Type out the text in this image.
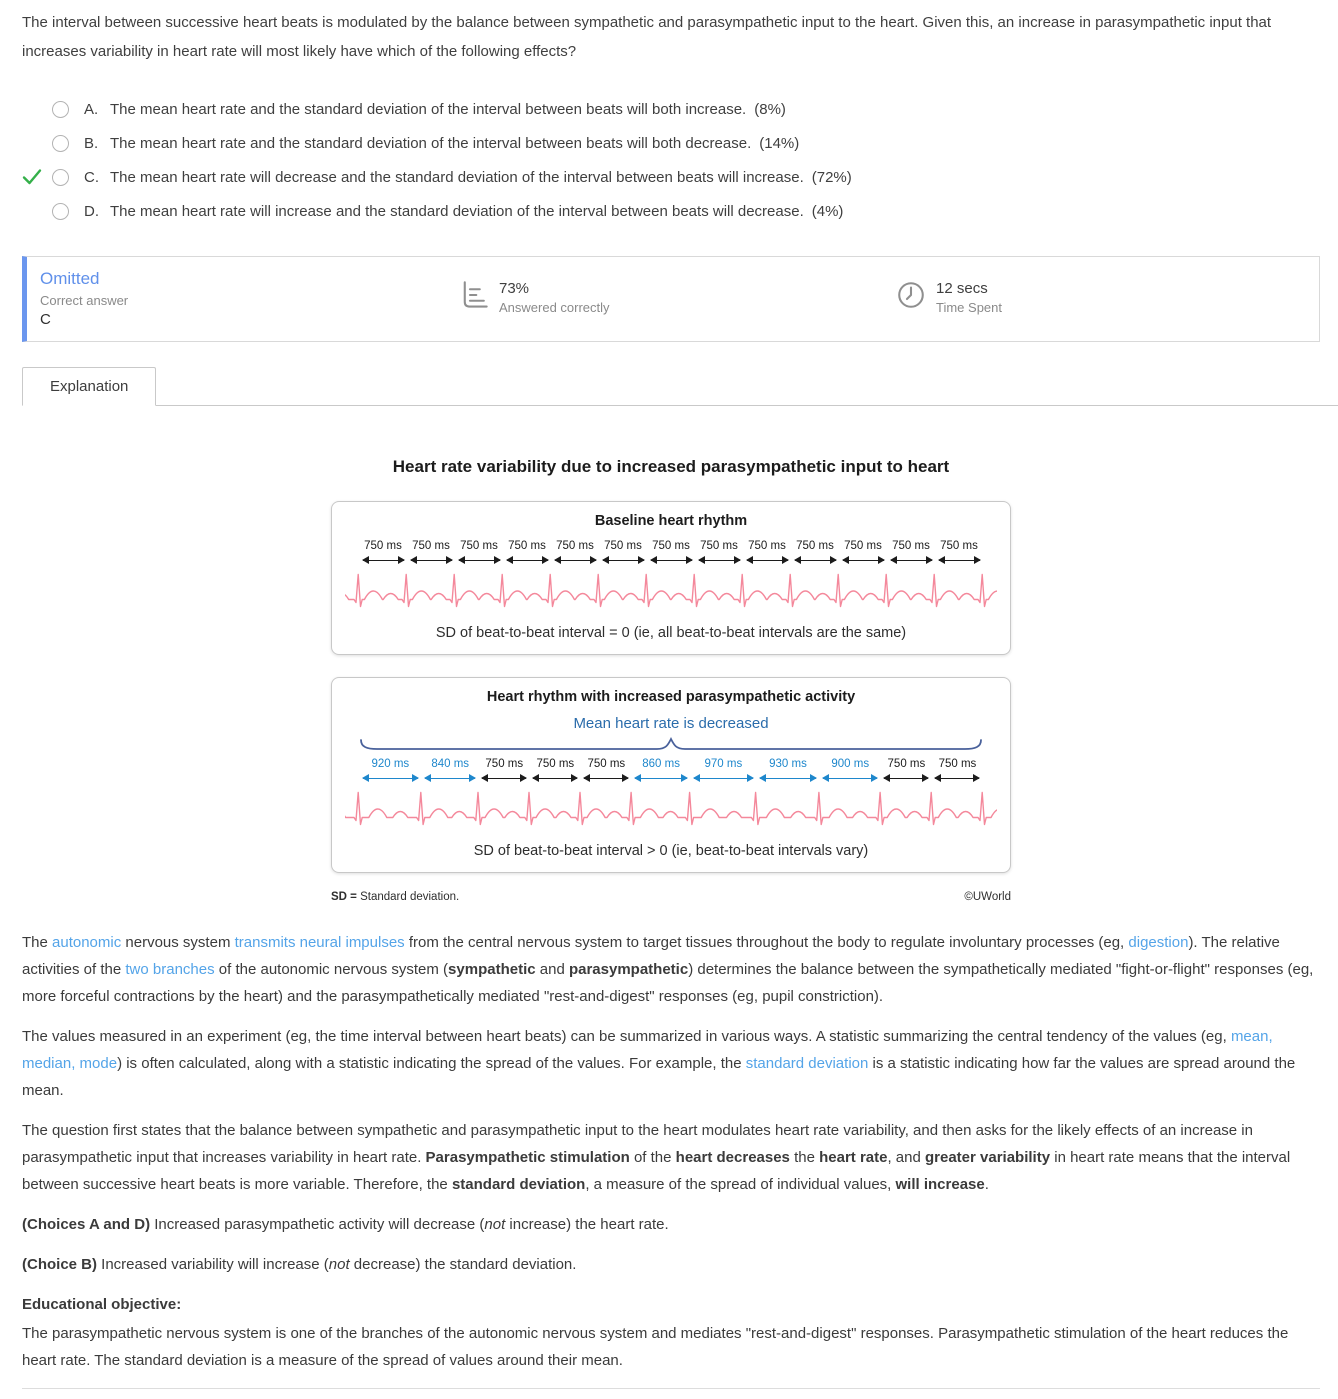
The interval between successive heart beats is modulated by the balance between sympathetic and parasympathetic input to the heart. Given this, an increase in parasympathetic input that increases variability in heart rate will most likely have which of the following effects?
A. The mean heart rate and the standard deviation of the interval between beats will both increase. (8%)
B. The mean heart rate and the standard deviation of the interval between beats will both decrease. (14%)
C. The mean heart rate will decrease and the standard deviation of the interval between beats will increase. (72%)
D. The mean heart rate will increase and the standard deviation of the interval between beats will decrease. (4%)
Omitted
Correct answer
C
73%
Answered correctly
12 secs
Time Spent
Explanation
Heart rate variability due to increased parasympathetic input to heart
Baseline heart rhythm
750 ms 750 ms 750 ms 750 ms 750 ms 750 ms 750 ms 750 ms 750 ms 750 ms 750 ms 750 ms 750 ms
SD of beat-to-beat interval = 0 (ie, all beat-to-beat intervals are the same)
Heart rhythm with increased parasympathetic activity
Mean heart rate is decreased
920 ms	840 ms	750 ms	750 ms	750 ms	860 ms	970 ms	930 ms	900 ms	750 ms	750 ms
SD of beat-to-beat interval > 0 (ie, beat-to-beat intervals vary)
SD = Standard deviation.	©UWorld

The autonomic nervous system transmits neural impulses from the central nervous system to target tissues throughout the body to regulate involuntary processes (eg, digestion). The relative activities of the two branches of the autonomic nervous system (sympathetic and parasympathetic) determines the balance between the sympathetically mediated "fight-or-flight" responses (eg, more forceful contractions by the heart) and the parasympathetically mediated "rest-and-digest" responses (eg, pupil constriction).

The values measured in an experiment (eg, the time interval between heart beats) can be summarized in various ways. A statistic summarizing the central tendency of the values (eg, mean, median, mode) is often calculated, along with a statistic indicating the spread of the values. For example, the standard deviation is a statistic indicating how far the values are spread around the mean.

The question first states that the balance between sympathetic and parasympathetic input to the heart modulates heart rate variability, and then asks for the likely effects of an increase in parasympathetic input that increases variability in heart rate. Parasympathetic stimulation of the heart decreases the heart rate, and greater variability in heart rate means that the interval between successive heart beats is more variable. Therefore, the standard deviation, a measure of the spread of individual values, will increase.

(Choices A and D) Increased parasympathetic activity will decrease (not increase) the heart rate.

(Choice B) Increased variability will increase (not decrease) the standard deviation.

Educational objective:

The parasympathetic nervous system is one of the branches of the autonomic nervous system and mediates "rest-and-digest" responses. Parasympathetic stimulation of the heart reduces the heart rate. The standard deviation is a measure of the spread of values around their mean.
